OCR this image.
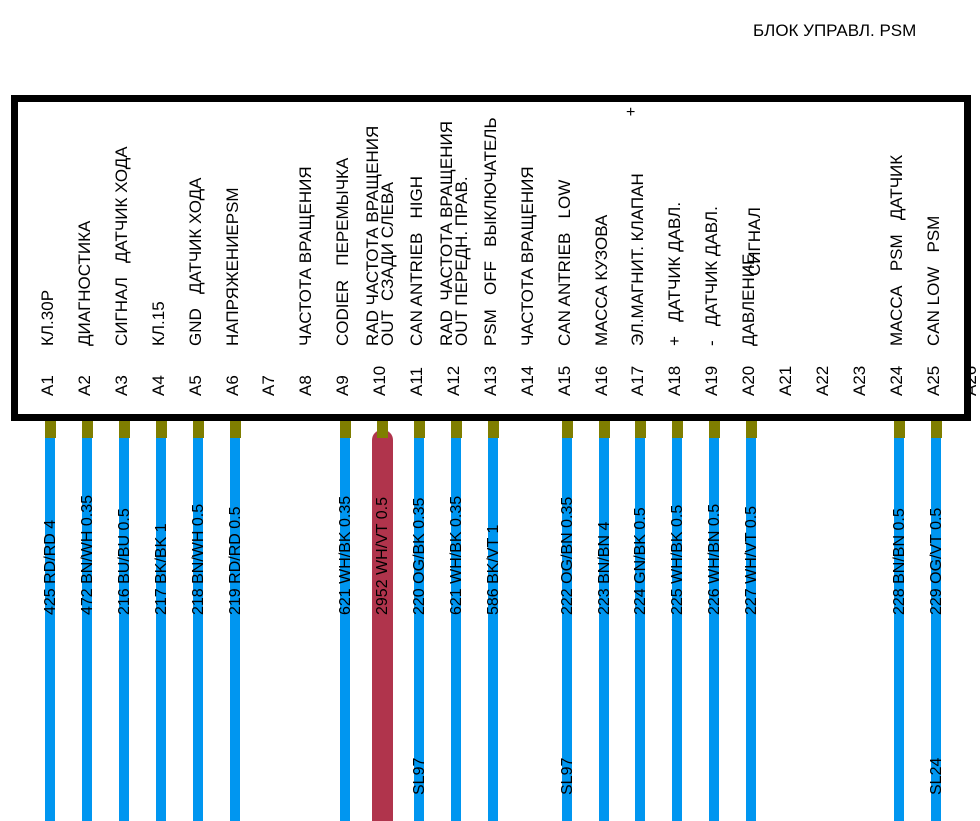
БЛОК УПРАВЛ. PSM
A1
КЛ.30Р
425 RD/RD 4
A2
ДИАГНОСТИКА
472 BN/WH 0.35
A3
СИГНАЛ   ДАТЧИК ХОДА
216 BU/BU 0.5
A4
КЛ.15
217 BK/BK 1
A5
GND   ДАТЧИК ХОДА
218 BN/WH 0.5
A6
НАПРЯЖЕНИЕPSM
219 RD/RD 0.5
A7 A8
ЧАСТОТА ВРАЩЕНИЯ
A9
CODIER   ПЕРЕМЫЧКА
621 WH/BK 0.35
A10
RAD ЧАСТОТА ВРАЩЕНИЯ
OUT  СЗАДИ СЛЕВА
2952 WH/VT 0.5
A11
CAN ANTRIEB   HIGH
220 OG/BK 0.35
SL97
A12
RAD  ЧАСТОТА ВРАЩЕНИЯ
OUT ПЕРЕДН. ПРАВ.
621 WH/BK 0.35
A13
PSM   OFF   ВЫКЛЮЧАТЕЛЬ
586 BK/VT 1
A14
ЧАСТОТА ВРАЩЕНИЯ
A15
CAN ANTRIEB   LOW
222 OG/BN 0.35
SL97
A16
МАССА КУЗОВА
223 BN/BN 4
A17
ЭЛ.МАГНИТ. КЛАПАН
224 GN/BK 0.5
A18
+   ДАТЧИК ДАВЛ.
225 WH/BK 0.5
A19
-   ДАТЧИК ДАВЛ.
226 WH/BN 0.5
A20
ДАВЛЕНИЕ
227 WH/VT 0.5
A21 A22 A23 A24
МАССА   PSM   ДАТЧИК
228 BN/BN 0.5
A25
CAN LOW   PSM
229 OG/VT 0.5
SL24
A26
СИГНАЛ
+
